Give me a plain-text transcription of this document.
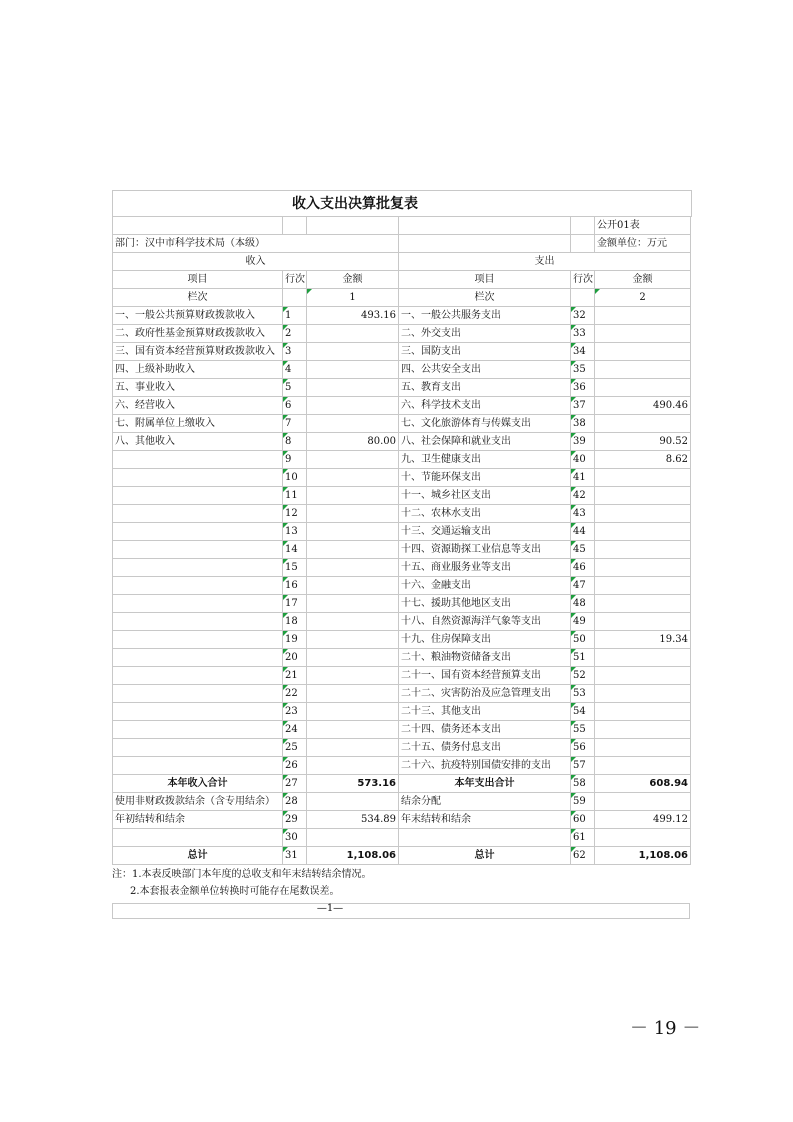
收入支出决算批复表
					公开01表
部门：汉中市科学技术局（本级）					金额单位：万元
收入			支出		
项目	行次	金额	项目	行次	金额
栏次		1	栏次		2
一、一般公共预算财政拨款收入	1	493.16	一、一般公共服务支出	32	
二、政府性基金预算财政拨款收入	2		二、外交支出	33	
三、国有资本经营预算财政拨款收入	3		三、国防支出	34	
四、上级补助收入	4		四、公共安全支出	35	
五、事业收入	5		五、教育支出	36	
六、经营收入	6		六、科学技术支出	37	490.46
七、附属单位上缴收入	7		七、文化旅游体育与传媒支出	38	
八、其他收入	8	80.00	八、社会保障和就业支出	39	90.52
	9		九、卫生健康支出	40	8.62
	10		十、节能环保支出	41	
	11		十一、城乡社区支出	42	
	12		十二、农林水支出	43	
	13		十三、交通运输支出	44	
	14		十四、资源勘探工业信息等支出	45	
	15		十五、商业服务业等支出	46	
	16		十六、金融支出	47	
	17		十七、援助其他地区支出	48	
	18		十八、自然资源海洋气象等支出	49	
	19		十九、住房保障支出	50	19.34
	20		二十、粮油物资储备支出	51	
	21		二十一、国有资本经营预算支出	52	
	22		二十二、灾害防治及应急管理支出	53	
	23		二十三、其他支出	54	
	24		二十四、债务还本支出	55	
	25		二十五、债务付息支出	56	
	26		二十六、抗疫特别国债安排的支出	57	
本年收入合计	27	573.16	本年支出合计	58	608.94
使用非财政拨款结余（含专用结余）	28		结余分配	59	
年初结转和结余	29	534.89	年末结转和结余	60	499.12
	30			61	
总计	31	1,108.06	总计	62	1,108.06
注：1.本表反映部门本年度的总收支和年末结转结余情况。
2.本套报表金额单位转换时可能存在尾数误差。
—1—
－ 19 －
